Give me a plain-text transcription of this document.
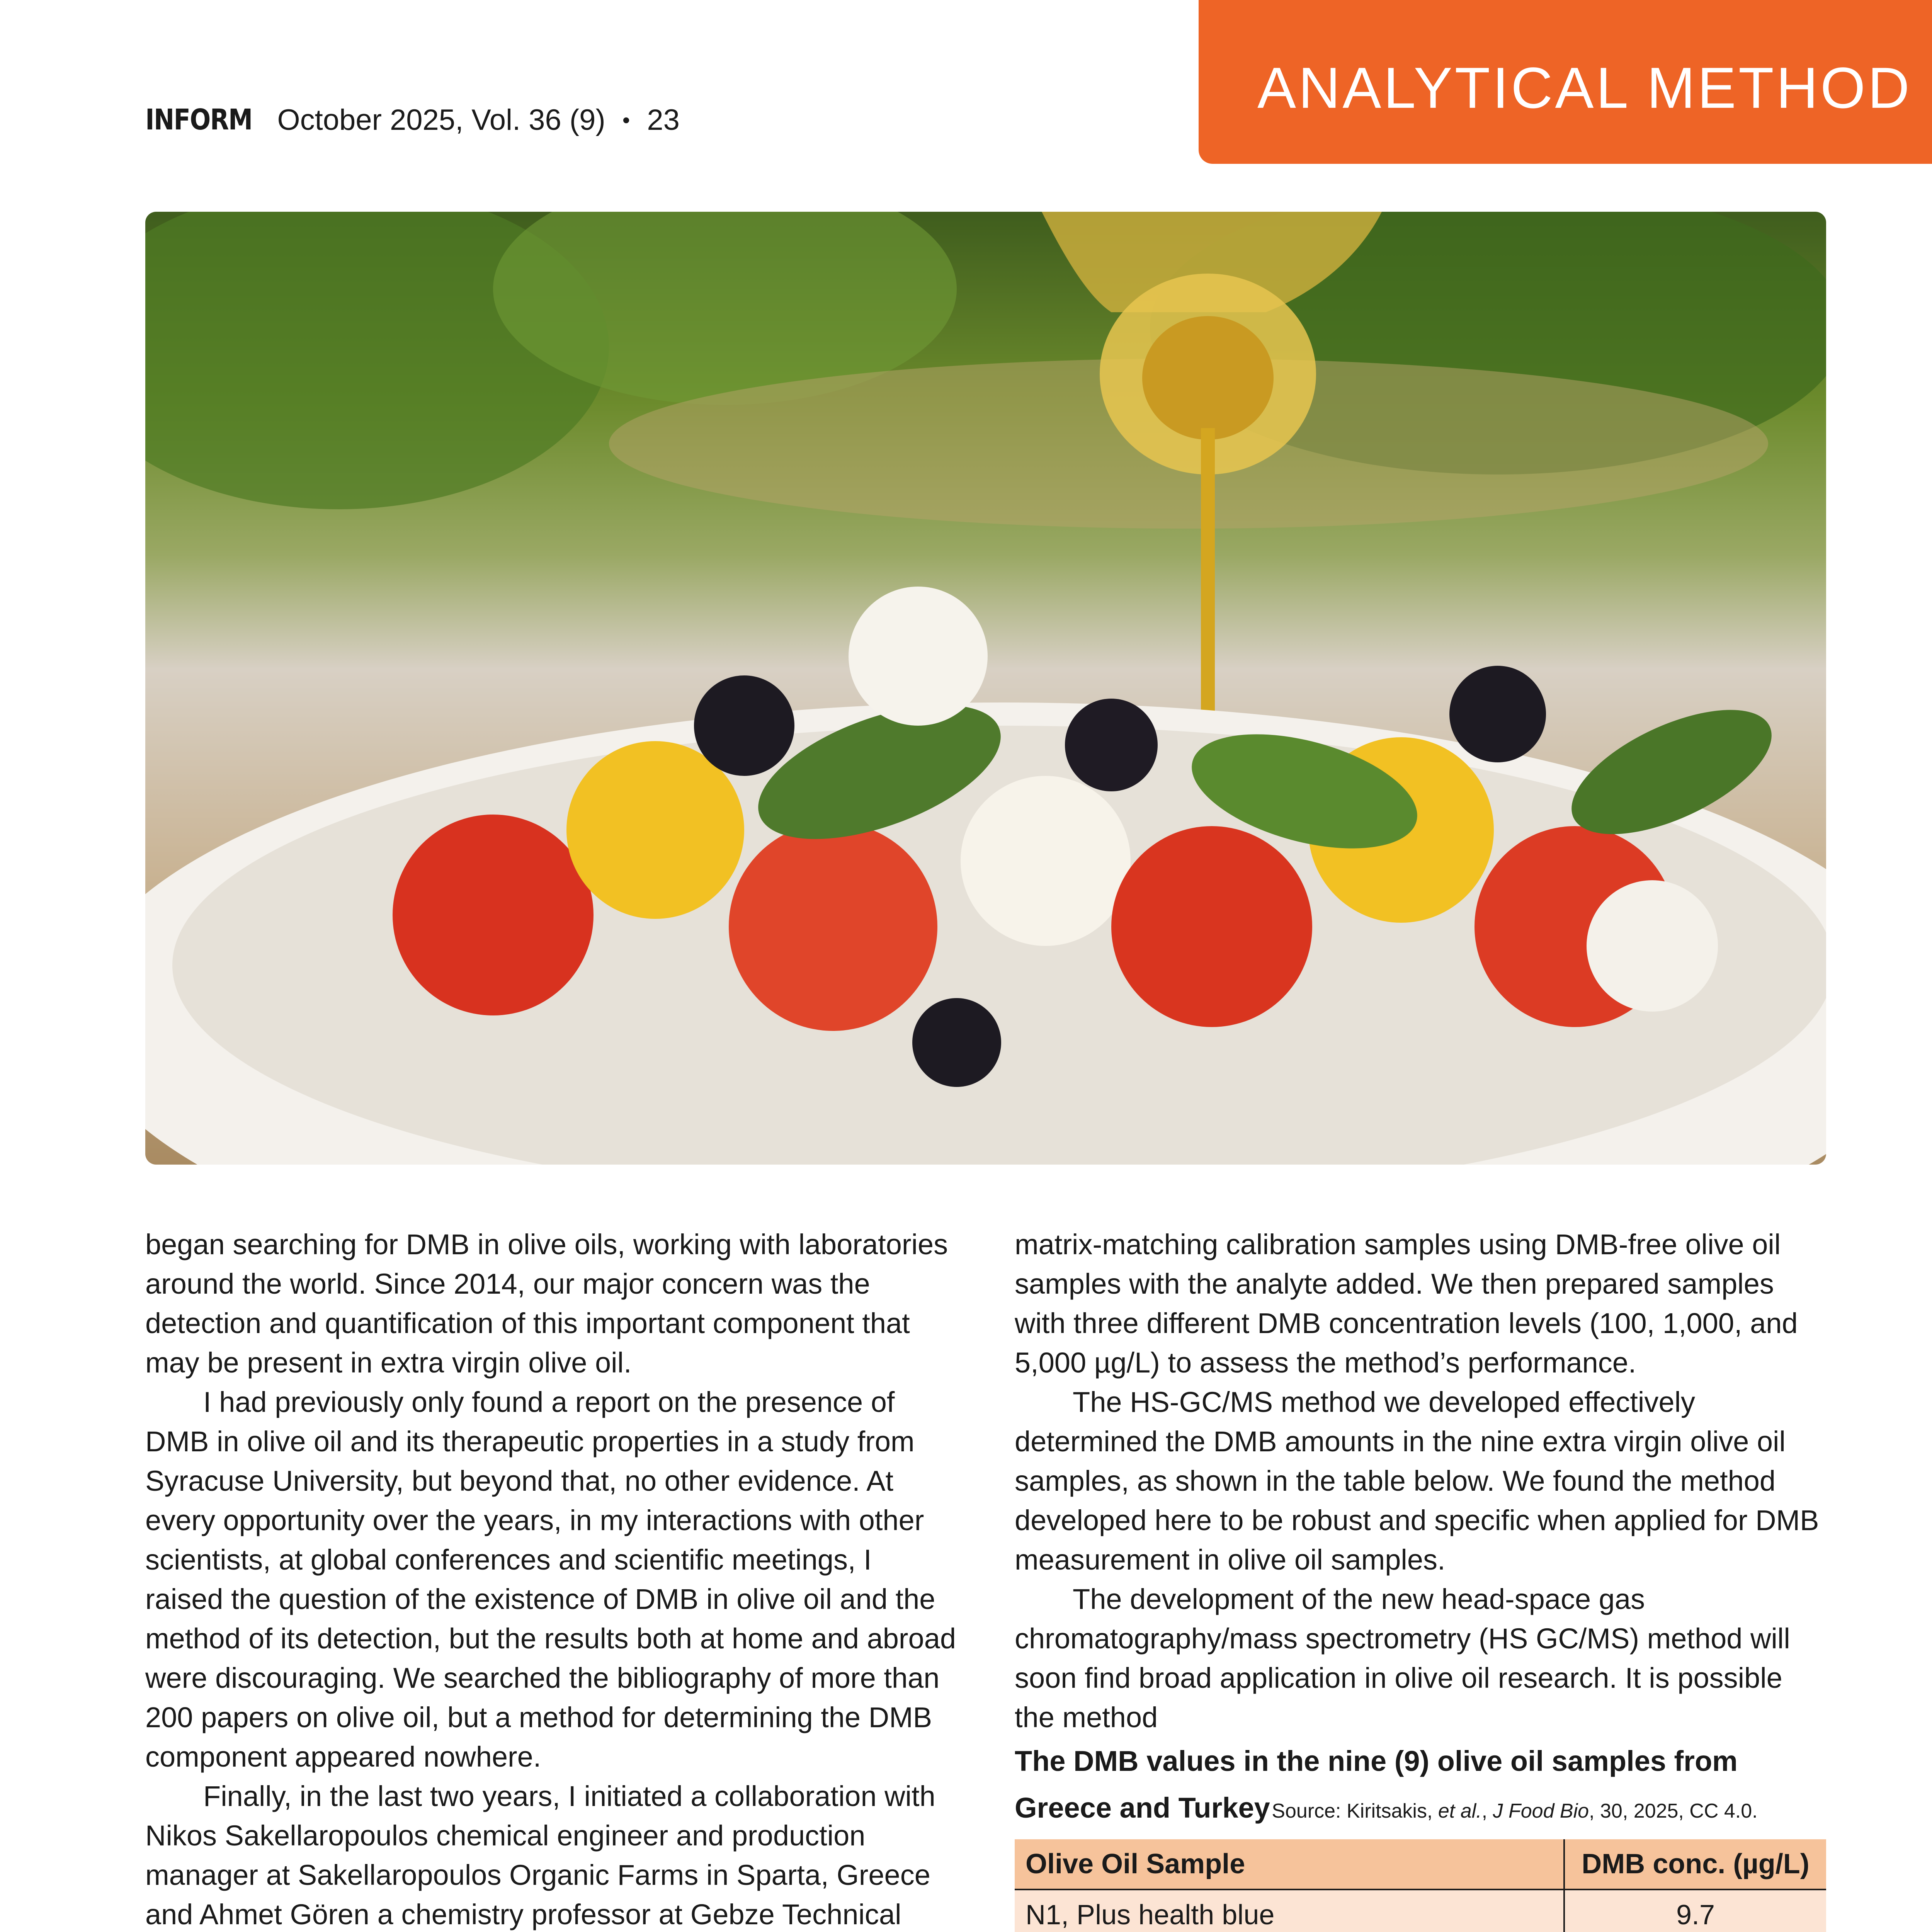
INFORM October 2025, Vol. 36 (9) • 23	ANALYTICAL METHOD

began searching for DMB in olive oils, working with laboratories around the world. Since 2014, our major concern was the detection and quantification of this important component that may be present in extra virgin olive oil.

I had previously only found a report on the presence of DMB in olive oil and its therapeutic properties in a study from Syracuse University, but beyond that, no other evidence. At every opportunity over the years, in my interactions with other scientists, at global conferences and scientific meetings, I raised the question of the existence of DMB in olive oil and the method of its detection, but the results both at home and abroad were discouraging. We searched the bibliography of more than 200 papers on olive oil, but a method for determining the DMB component appeared nowhere.

Finally, in the last two years, I initiated a collaboration with Nikos Sakellaropoulos chemical engineer and production manager at Sakellaropoulos Organic Farms in Sparta, Greece and Ahmet Gören a chemistry professor at Gebze Technical

matrix-matching calibration samples using DMB-free olive oil samples with the analyte added. We then prepared samples with three different DMB concentration levels (100, 1,000, and 5,000 µg/L) to assess the method’s performance.

The HS-GC/MS method we developed effectively determined the DMB amounts in the nine extra virgin olive oil samples, as shown in the table below. We found the method developed here to be robust and specific when applied for DMB measurement in olive oil samples.

The development of the new head-space gas chromatography/mass spectrometry (HS GC/MS) method will soon find broad application in olive oil research. It is possible the method

The DMB values in the nine (9) olive oil samples from Greece and Turkey Source: Kiritsakis, et al., J Food Bio, 30, 2025, CC 4.0.
Olive Oil Sample	DMB conc. (µg/L)
N1, Plus health blue	9.7
